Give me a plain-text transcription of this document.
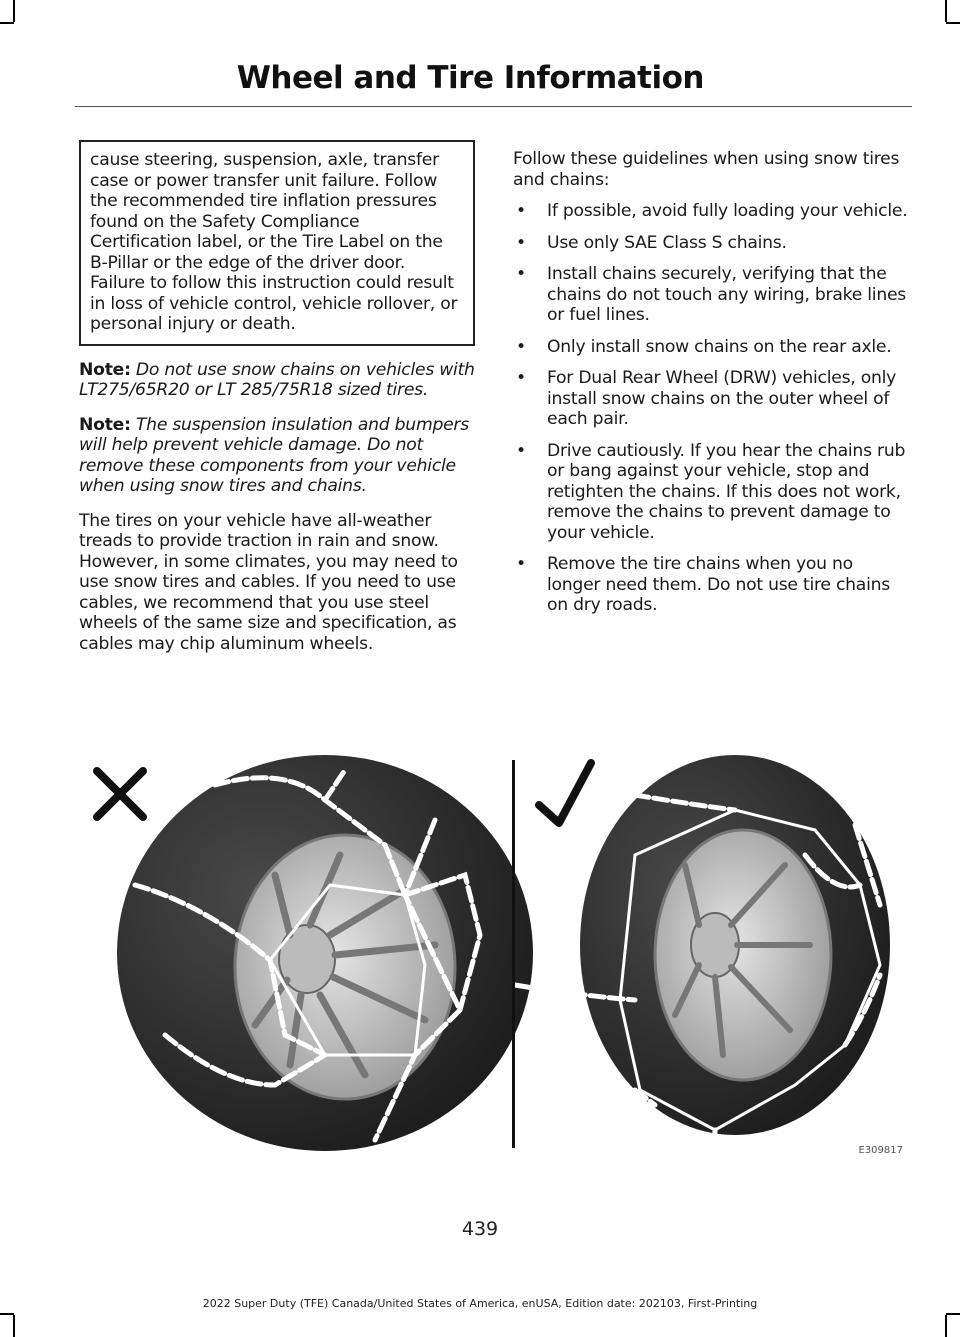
Wheel and Tire Information

cause steering, suspension, axle, transfer case or power transfer unit failure. Follow the recommended tire inflation pressures found on the Safety Compliance Certification label, or the Tire Label on the B-Pillar or the edge of the driver door. Failure to follow this instruction could result in loss of vehicle control, vehicle rollover, or personal injury or death.

Note: Do not use snow chains on vehicles with LT275/65R20 or LT 285/75R18 sized tires.

Note: The suspension insulation and bumpers will help prevent vehicle damage. Do not remove these components from your vehicle when using snow tires and chains.

The tires on your vehicle have all-weather treads to provide traction in rain and snow. However, in some climates, you may need to use snow tires and cables. If you need to use cables, we recommend that you use steel wheels of the same size and specification, as cables may chip aluminum wheels.

Follow these guidelines when using snow tires and chains:

• If possible, avoid fully loading your vehicle.
• Use only SAE Class S chains.
• Install chains securely, verifying that the chains do not touch any wiring, brake lines or fuel lines.
• Only install snow chains on the rear axle.
• For Dual Rear Wheel (DRW) vehicles, only install snow chains on the outer wheel of each pair.
• Drive cautiously. If you hear the chains rub or bang against your vehicle, stop and retighten the chains. If this does not work, remove the chains to prevent damage to your vehicle.
• Remove the tire chains when you no longer need them. Do not use tire chains on dry roads.
E309817
439
2022 Super Duty (TFE) Canada/United States of America, enUSA, Edition date: 202103, First-Printing
